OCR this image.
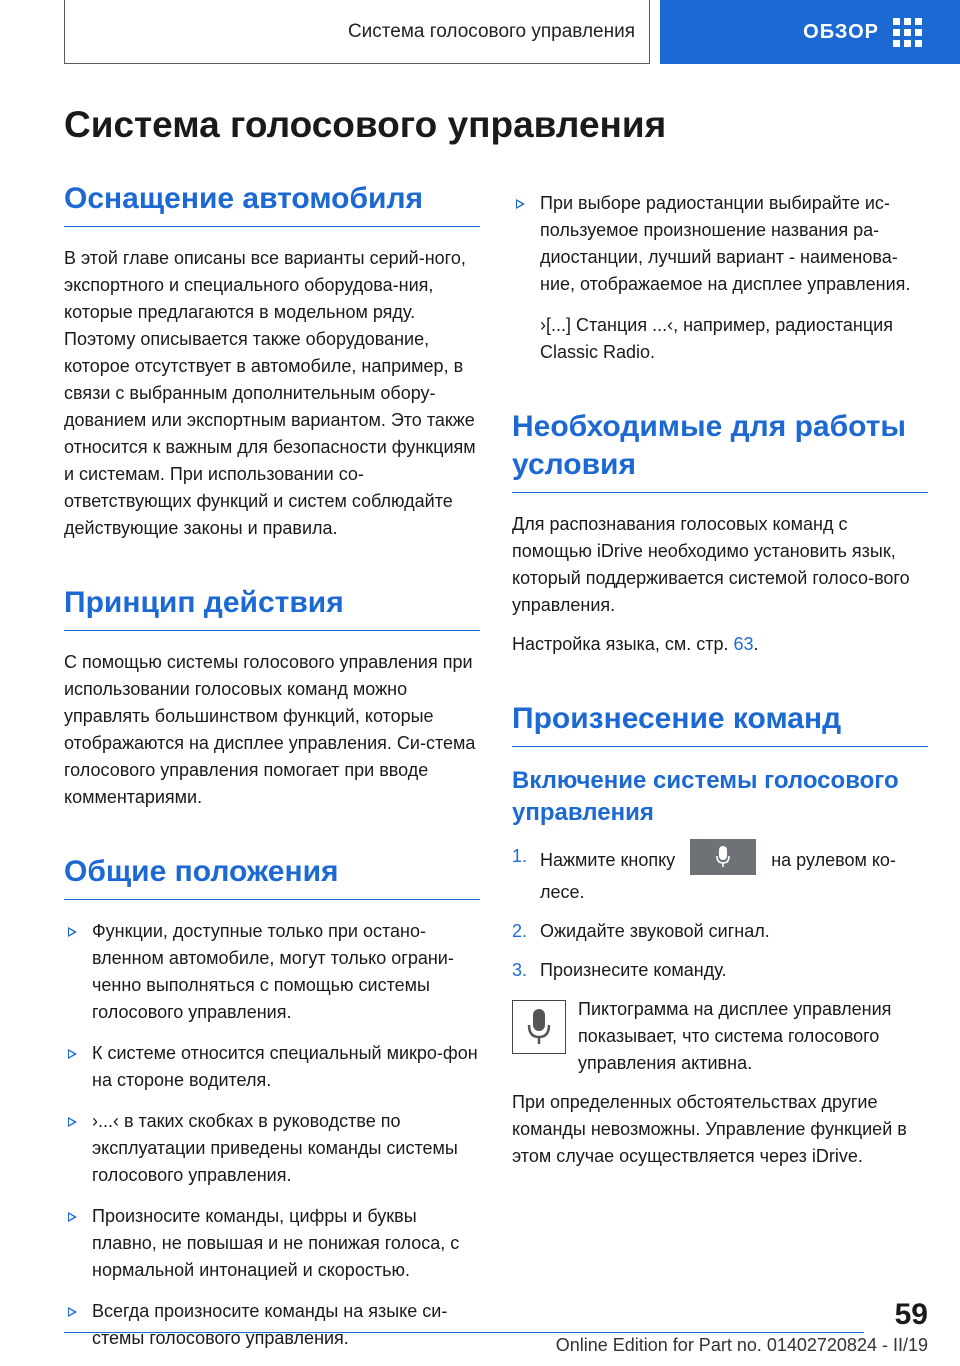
Система голосового управления	ОБЗОР
Система голосового управления
Оснащение автомобиля

В этой главе описаны все варианты серий-ного, экспортного и специального оборудова-ния, которые предлагаются в модельном ряду. Поэтому описывается также оборудование, которое отсутствует в автомобиле, например, в связи с выбранным дополнительным обору-дованием или экспортным вариантом. Это также относится к важным для безопасности функциям и системам. При использовании со-ответствующих функций и систем соблюдайте действующие законы и правила.

Принцип действия

С помощью системы голосового управления при использовании голосовых команд можно управлять большинством функций, которые отображаются на дисплее управления. Си-стема голосового управления помогает при вводе комментариями.

Общие положения
Функции, доступные только при остано-вленном автомобиле, могут только ограни-ченно выполняться с помощью системы голосового управления.
К системе относится специальный микро-фон на стороне водителя.
›...‹ в таких скобках в руководстве по эксплуатации приведены команды системы голосового управления.
Произносите команды, цифры и буквы плавно, не повышая и не понижая голоса, с нормальной интонацией и скоростью.
Всегда произносите команды на языке си-стемы голосового управления.
При выборе радиостанции выбирайте ис-пользуемое произношение названия ра-диостанции, лучший вариант - наименова-ние, отображаемое на дисплее управления.

›[...] Станция ...‹, например, радиостанция Classic Radio.

Необходимые для работы условия

Для распознавания голосовых команд с помощью iDrive необходимо установить язык, который поддерживается системой голосо-вого управления.

Настройка языка, см. стр. 63.

Произнесение команд
Включение системы голосового управления
1. Нажмите кнопку	на рулевом ко-лесе.
2. Ожидайте звуковой сигнал.
3. Произнесите команду.
Пиктограмма на дисплее управления показывает, что система голосового управления активна.

При определенных обстоятельствах другие команды невозможны. Управление функцией в этом случае осуществляется через iDrive.

59
Online Edition for Part no. 01402720824 - II/19
